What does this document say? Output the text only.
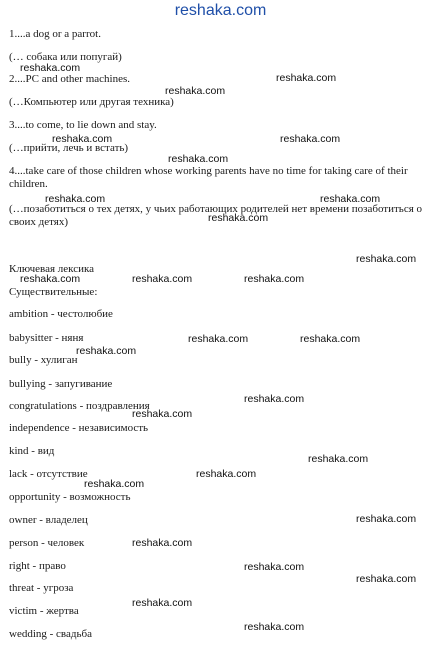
reshaka.com
1....a dog or a parrot.
(… собака или попугай)
2....PC and other machines.
(…Компьютер или другая техника)
3....to come, to lie down and stay.
(…прийти, лечь и встать)
4....take care of those children whose working parents have no time for taking care of their children.
(…позаботиться о тех детях, у чьих работающих родителей нет времени позаботиться о своих детях)
Ключевая лексика
Существительные:
ambition - честолюбие
babysitter - няня
bully - хулиган
bullying - запугивание
congratulations - поздравления
independence - независимость
kind - вид
lack - отсутствие
opportunity - возможность
owner - владелец
person - человек
right - право
threat - угроза
victim - жертва
wedding - свадьба
reshaka.com
reshaka.com
reshaka.com
reshaka.com	reshaka.com
reshaka.com
reshaka.com	reshaka.com
reshaka.com
reshaka.com
reshaka.com	reshaka.com	reshaka.com
reshaka.com	reshaka.com
reshaka.com
reshaka.com
reshaka.com
reshaka.com
reshaka.com
reshaka.com
reshaka.com
reshaka.com
reshaka.com
reshaka.com
reshaka.com
reshaka.com
